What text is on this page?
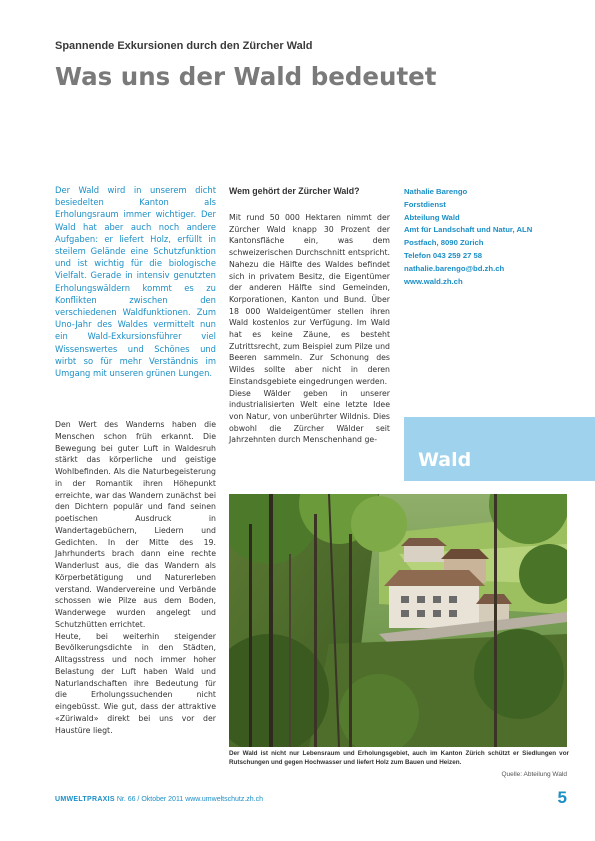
Spannende Exkursionen durch den Zürcher Wald
Was uns der Wald bedeutet
Der Wald wird in unserem dicht besiedelten Kanton als Erholungsraum immer wichtiger. Der Wald hat aber auch noch andere Aufgaben: er liefert Holz, erfüllt in steilem Gelände eine Schutzfunktion und ist wichtig für die biologische Vielfalt. Gerade in intensiv genutzten Erholungswäldern kommt es zu Konflikten zwischen den verschiedenen Waldfunktionen. Zum Uno-Jahr des Waldes vermittelt nun ein Wald-Exkursionsführer viel Wissenswertes und Schönes und wirbt so für mehr Verständnis im Umgang mit unseren grünen Lungen.

Den Wert des Wanderns haben die Menschen schon früh erkannt. Die Bewegung bei guter Luft in Waldesruh stärkt das körperliche und geistige Wohlbefinden. Als die Naturbegeisterung in der Romantik ihren Höhepunkt erreichte, war das Wandern zunächst bei den Dichtern populär und fand seinen poetischen Ausdruck in Wandertagebüchern, Liedern und Gedichten. In der Mitte des 19. Jahrhunderts brach dann eine rechte Wanderlust aus, die das Wandern als Körperbetätigung und Naturerleben verstand. Wandervereine und Verbände schossen wie Pilze aus dem Boden, Wanderwege wurden angelegt und Schutzhütten errichtet.

Heute, bei weiterhin steigender Bevölkerungsdichte in den Städten, Alltagsstress und noch immer hoher Belastung der Luft haben Wald und Naturlandschaften ihre Bedeutung für die Erholungssuchenden nicht eingebüsst. Wie gut, dass der attraktive «Züriwald» direkt bei uns vor der Haustüre liegt.

Wem gehört der Zürcher Wald?

Mit rund 50 000 Hektaren nimmt der Zürcher Wald knapp 30 Prozent der Kantonsfläche ein, was dem schweizerischen Durchschnitt entspricht. Nahezu die Hälfte des Waldes befindet sich in privatem Besitz, die Eigentümer der anderen Hälfte sind Gemeinden, Korporationen, Kanton und Bund. Über 18 000 Waldeigentümer stellen ihren Wald kostenlos zur Verfügung. Im Wald hat es keine Zäune, es besteht Zutrittsrecht, zum Beispiel zum Pilze und Beeren sammeln. Zur Schonung des Wildes sollte aber nicht in deren Einstandsgebiete eingedrungen werden.

Diese Wälder geben in unserer industrialisierten Welt eine letzte Idee von Natur, von unberührter Wildnis. Dies obwohl die Zürcher Wälder seit Jahrzehnten durch Menschenhand ge-

Nathalie Barengo
Forstdienst
Abteilung Wald
Amt für Landschaft und Natur, ALN
Postfach, 8090 Zürich
Telefon 043 259 27 58
nathalie.barengo@bd.zh.ch
www.wald.zh.ch
Wald
Der Wald ist nicht nur Lebensraum und Erholungsgebiet, auch im Kanton Zürich schützt er Siedlungen vor Rutschungen und gegen Hochwasser und liefert Holz zum Bauen und Heizen.
Quelle: Abteilung Wald
UMWELTPRAXIS Nr. 66 / Oktober 2011 www.umweltschutz.zh.ch	5
